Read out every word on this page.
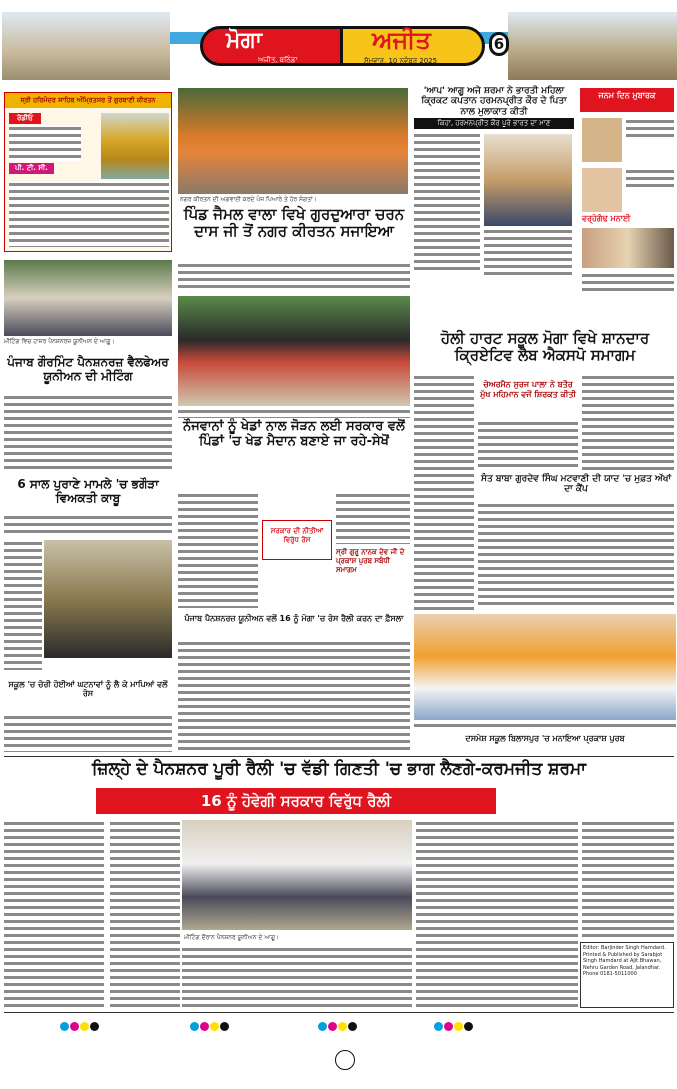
ਮੋਗਾ	ਅਜੀਤ
ਅਜੀਤ, ਬਠਿੰਡਾ	ਸੋਮਵਾਰ, 10 ਨਵੰਬਰ 2025
6
ਸ੍ਰੀ ਹਰਿਮੰਦਰ ਸਾਹਿਬ ਅੰਮ੍ਰਿਤਸਰ ਤੋਂ ਗੁਰਬਾਣੀ ਕੀਰਤਨ
ਰੇਡੀਓ
ਪੀ. ਟੀ. ਸੀ.
ਨਗਰ ਕੀਰਤਨ ਦੀ ਅਗਵਾਈ ਕਰਦੇ ਪੰਜ ਪਿਆਰੇ ਤੇ ਹੋਰ ਸੰਗਤਾਂ।
ਪਿੰਡ ਜੈਮਲ ਵਾਲਾ ਵਿਖੇ ਗੁਰਦੁਆਰਾ ਚਰਨ ਦਾਸ ਜੀ ਤੋਂ ਨਗਰ ਕੀਰਤਨ ਸਜਾਇਆ
'ਆਪ' ਆਗੂ ਅਜੇ ਸ਼ਰਮਾ ਨੇ ਭਾਰਤੀ ਮਹਿਲਾ ਕ੍ਰਿਕਟ ਕਪਤਾਨ ਹਰਮਨਪ੍ਰੀਤ ਕੌਰ ਦੇ ਪਿਤਾ ਨਾਲ ਮੁਲਾਕਾਤ ਕੀਤੀ
ਕਿਹਾ, ਹਰਮਨਪ੍ਰੀਤ ਕੌਰ ਪੂਰੇ ਭਾਰਤ ਦਾ ਮਾਣ
ਜਨਮ ਦਿਨ ਮੁਬਾਰਕ
ਵਰ੍ਹੇਗੰਢ ਮਨਾਈ
ਮੀਟਿੰਗ ਵਿਚ ਹਾਜ਼ਰ ਪੈਨਸ਼ਨਰਜ਼ ਯੂਨੀਅਨ ਦੇ ਆਗੂ।
ਪੰਜਾਬ ਗੌਰਮਿੰਟ ਪੈਨਸ਼ਨਰਜ਼ ਵੈਲਫੇਅਰ ਯੂਨੀਅਨ ਦੀ ਮੀਟਿੰਗ
ਨੌਜਵਾਨਾਂ ਨੂੰ ਖੇਡਾਂ ਨਾਲ ਜੋੜਨ ਲਈ ਸਰਕਾਰ ਵਲੋਂ ਪਿੰਡਾਂ 'ਚ ਖੇਡ ਮੈਦਾਨ ਬਣਾਏ ਜਾ ਰਹੇ-ਸੇਖੋਂ
ਸਰਕਾਰ ਦੀ ਨੀਤੀਆਂ ਵਿਰੁੱਧ ਰੋਸ
ਸ੍ਰੀ ਗੁਰੂ ਨਾਨਕ ਦੇਵ ਜੀ ਦੇ ਪ੍ਰਕਾਸ਼ ਪੁਰਬ ਸਬੰਧੀ ਸਮਾਗਮ
ਹੋਲੀ ਹਾਰਟ ਸਕੂਲ ਮੋਗਾ ਵਿਖੇ ਸ਼ਾਨਦਾਰ ਕ੍ਰਿਏਟਿਵ ਲੈਬ ਐਕਸਪੋ ਸਮਾਗਮ
ਚੇਅਰਮੈਨ ਸੁਰਜ ਪਾਲਾ ਨੇ ਬਤੌਰ ਮੁੱਖ ਮਹਿਮਾਨ ਵਜੋਂ ਸ਼ਿਰਕਤ ਕੀਤੀ
ਸੰਤ ਬਾਬਾ ਗੁਰਦੇਵ ਸਿੰਘ ਮਟਵਾਣੀ ਦੀ ਯਾਦ 'ਚ ਮੁਫ਼ਤ ਅੱਖਾਂ ਦਾ ਕੈਂਪ
ਦਸਮੇਸ਼ ਸਕੂਲ ਬਿਲਾਸਪੁਰ 'ਚ ਮਨਾਇਆ ਪ੍ਰਕਾਸ਼ ਪੁਰਬ
6 ਸਾਲ ਪੁਰਾਣੇ ਮਾਮਲੇ 'ਚ ਭਗੌੜਾ ਵਿਅਕਤੀ ਕਾਬੂ
ਸਕੂਲ 'ਚ ਚੋਰੀ ਹੋਈਆਂ ਘਟਨਾਵਾਂ ਨੂੰ ਲੈ ਕੇ ਮਾਪਿਆਂ ਵਲੋਂ ਰੋਸ
ਪੰਜਾਬ ਪੈਨਸ਼ਨਰਜ਼ ਯੂਨੀਅਨ ਵਲੋਂ 16 ਨੂੰ ਮੋਗਾ 'ਚ ਰੋਸ ਰੈਲੀ ਕਰਨ ਦਾ ਫ਼ੈਸਲਾ
ਜ਼ਿਲ੍ਹੇ ਦੇ ਪੈਨਸ਼ਨਰ ਪੂਰੀ ਰੈਲੀ 'ਚ ਵੱਡੀ ਗਿਣਤੀ 'ਚ ਭਾਗ ਲੈਣਗੇ-ਕਰਮਜੀਤ ਸ਼ਰਮਾ
16 ਨੂੰ ਹੋਵੇਗੀ ਸਰਕਾਰ ਵਿਰੁੱਧ ਰੈਲੀ
ਮੀਟਿੰਗ ਦੌਰਾਨ ਪੈਨਸ਼ਨਰ ਯੂਨੀਅਨ ਦੇ ਆਗੂ।
Editor: Barjinder Singh Hamdard. Printed & Published by Sarabjot Singh Hamdard at Ajit Bhawan, Nehru Garden Road, Jalandhar. Phone 0181-5011000
